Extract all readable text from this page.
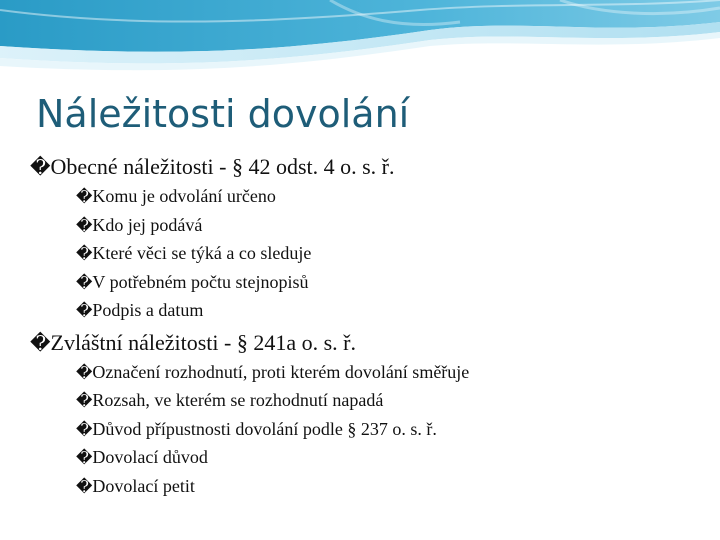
Náležitosti dovolání
� Obecné náležitosti - § 42 odst. 4 o. s. ř.
� Komu je odvolání určeno
� Kdo jej podává
� Které věci se týká a co sleduje
� V potřebném počtu stejnopisů
� Podpis a datum
� Zvláštní náležitosti - § 241a o. s. ř.
� Označení rozhodnutí, proti kterém dovolání směřuje
� Rozsah, ve kterém se rozhodnutí napadá
� Důvod přípustnosti dovolání podle § 237 o. s. ř.
� Dovolací důvod
� Dovolací petit
